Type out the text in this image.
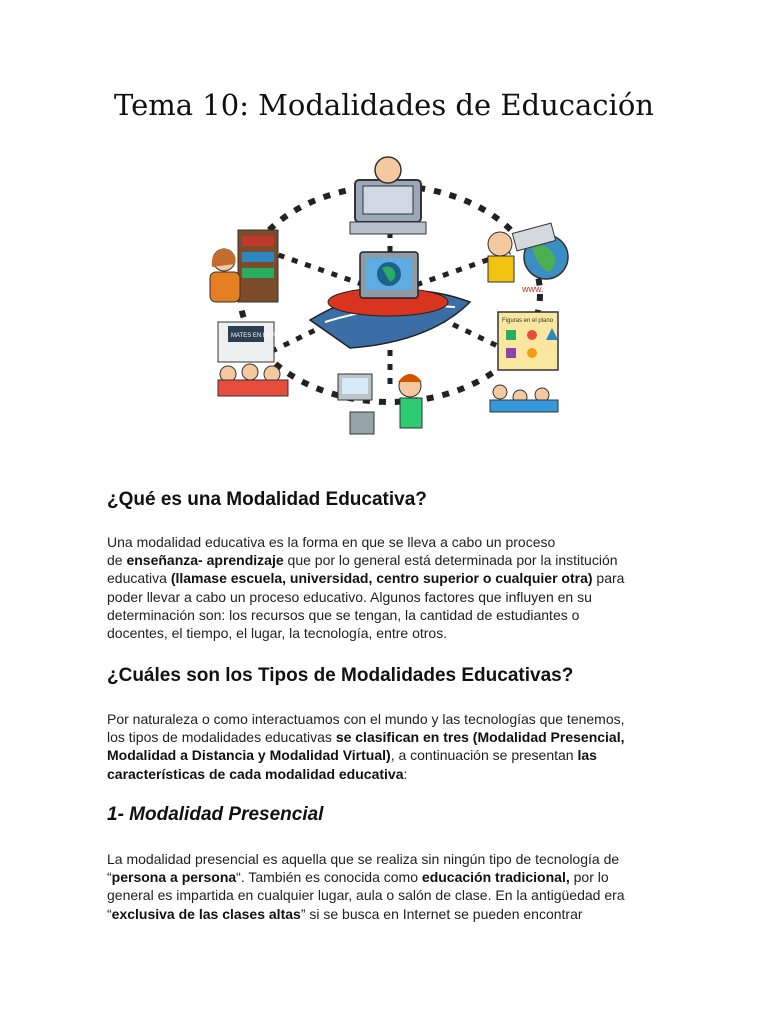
Tema 10: Modalidades de Educación
www.
MATES EN LA RED
Figuras en el plano
¿Qué es una Modalidad Educativa?

Una modalidad educativa es la forma en que se lleva a cabo un proceso
de enseñanza- aprendizaje que por lo general está determinada por la institución
educativa (llamase escuela, universidad, centro superior o cualquier otra) para
poder llevar a cabo un proceso educativo. Algunos factores que influyen en su
determinación son: los recursos que se tengan, la cantidad de estudiantes o
docentes, el tiempo, el lugar, la tecnología, entre otros.

¿Cuáles son los Tipos de Modalidades Educativas?

Por naturaleza o como interactuamos con el mundo y las tecnologías que tenemos,
los tipos de modalidades educativas se clasifican en tres (Modalidad Presencial,
Modalidad a Distancia y Modalidad Virtual), a continuación se presentan las
características de cada modalidad educativa:

1- Modalidad Presencial

La modalidad presencial es aquella que se realiza sin ningún tipo de tecnología de
“persona a persona“. También es conocida como educación tradicional, por lo
general es impartida en cualquier lugar, aula o salón de clase. En la antigüedad era
“exclusiva de las clases altas” si se busca en Internet se pueden encontrar
